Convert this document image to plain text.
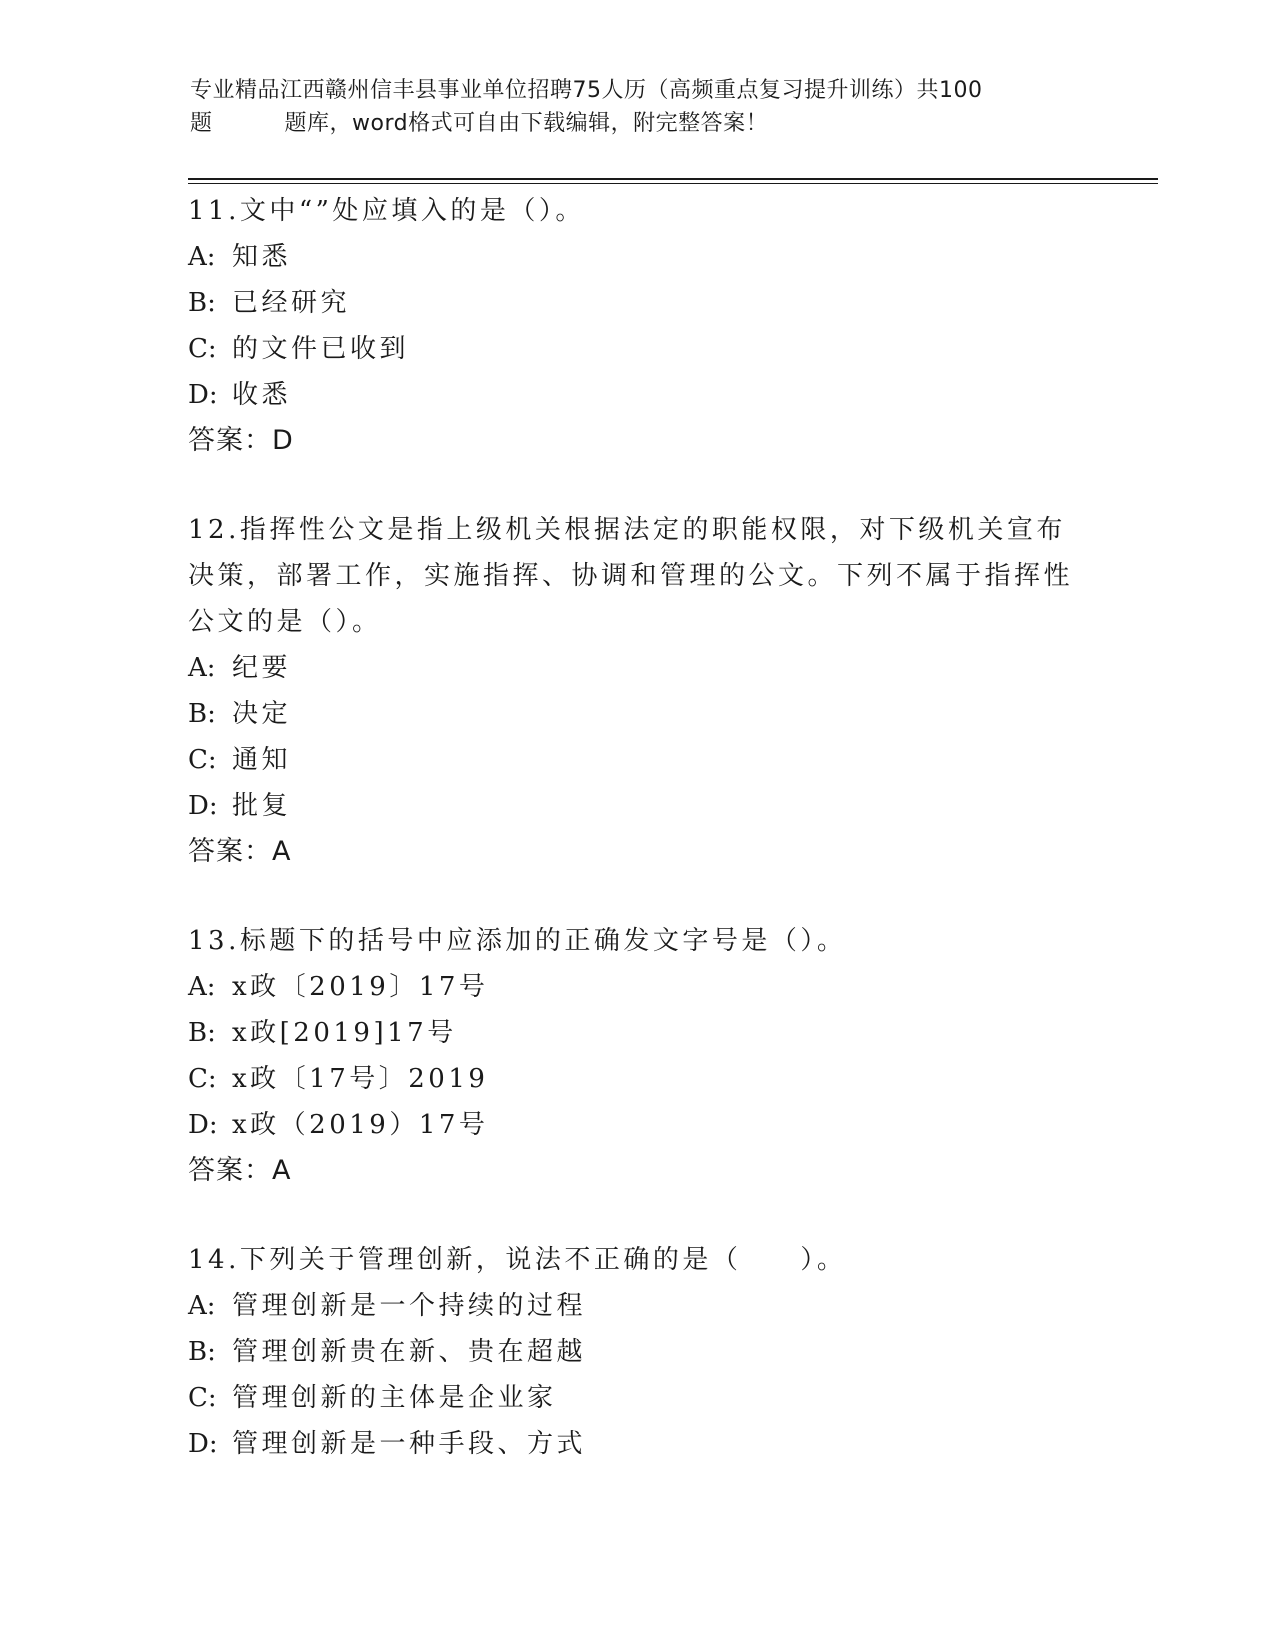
专业精品江西赣州信丰县事业单位招聘75人历（高频重点复习提升训练）共100
题	题库，word格式可自由下载编辑，附完整答案！
11.文中“”处应填入的是（）。
A: 知悉
B: 已经研究
C: 的文件已收到
D: 收悉
答案：D
12.指挥性公文是指上级机关根据法定的职能权限，对下级机关宣布决策，部署工作，实施指挥、协调和管理的公文。下列不属于指挥性公文的是（）。
A: 纪要
B: 决定
C: 通知
D: 批复
答案：A
13.标题下的括号中应添加的正确发文字号是（）。
A: x政〔2019〕17号
B: x政[2019]17号
C: x政〔17号〕2019
D: x政（2019）17号
答案：A
14.下列关于管理创新，说法不正确的是（　　）。
A: 管理创新是一个持续的过程
B: 管理创新贵在新、贵在超越
C: 管理创新的主体是企业家
D: 管理创新是一种手段、方式
